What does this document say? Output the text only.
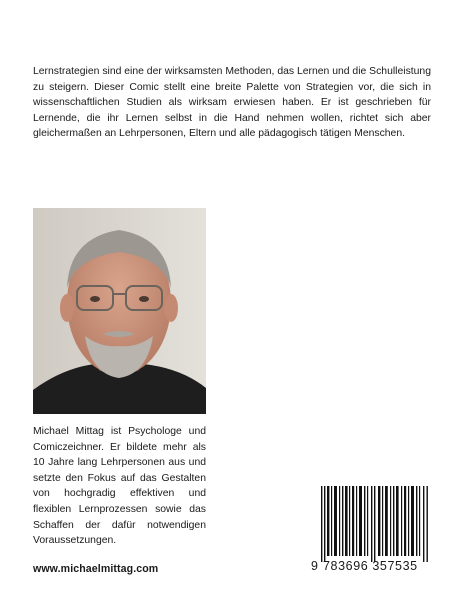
Lernstrategien sind eine der wirksamsten Methoden, das Lernen und die Schulleistung zu steigern. Dieser Comic stellt eine breite Palette von Strategien vor, die sich in wissenschaftlichen Studien als wirksam erwiesen haben. Er ist geschrieben für Lernende, die ihr Lernen selbst in die Hand nehmen wollen, richtet sich aber gleichermaßen an Lehrpersonen, Eltern und alle pädagogisch tätigen Menschen.

Michael Mittag ist Psychologe und Comiczeichner. Er bildete mehr als 10 Jahre lang Lehrpersonen aus und setzte den Fokus auf das Gestalten von hochgradig effektiven und flexiblen Lernprozessen sowie das Schaffen der dafür notwendigen Voraussetzungen.

www.michaelmittag.com	9 783696 357535
